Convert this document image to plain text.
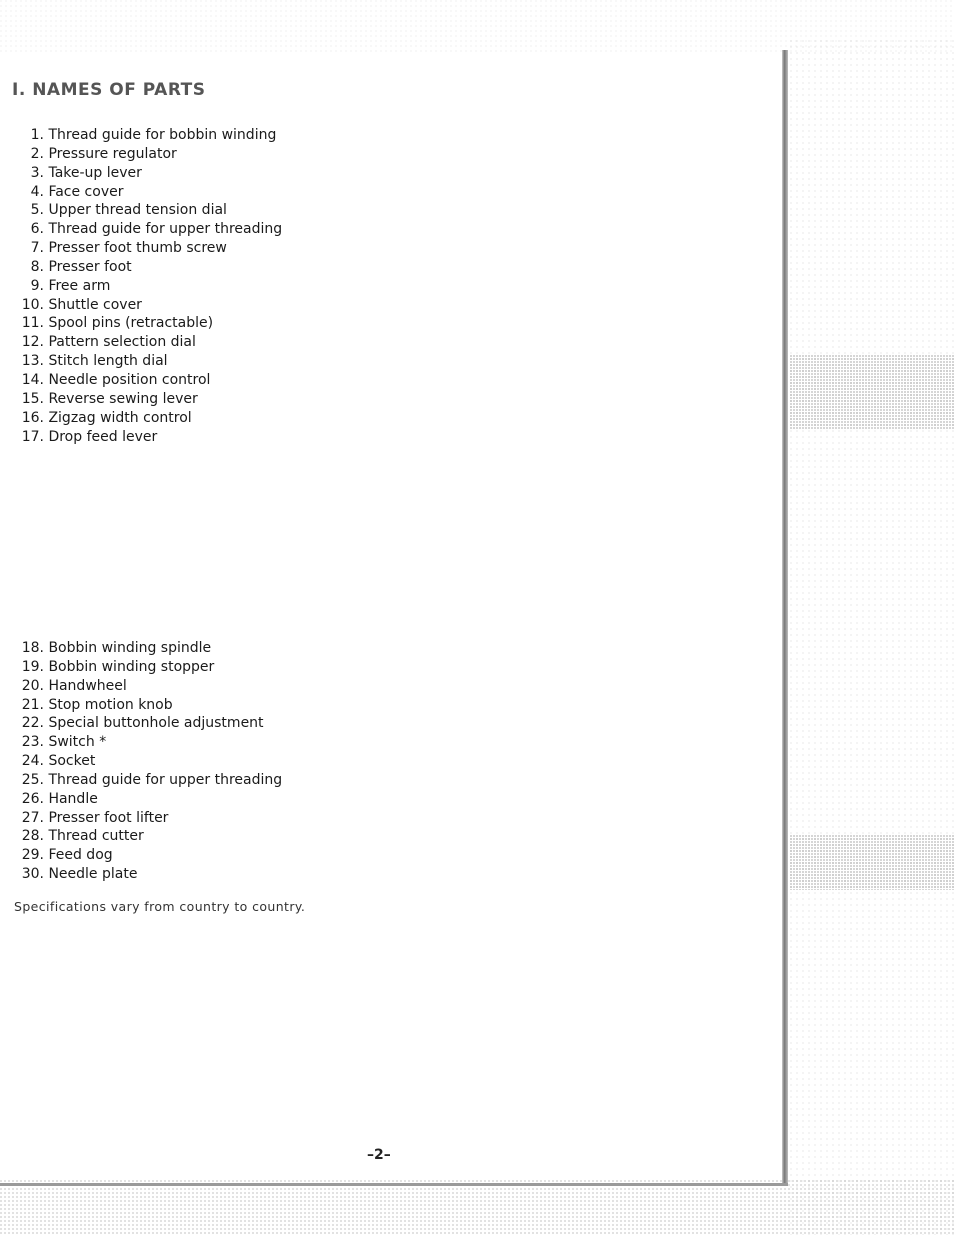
I. NAMES OF PARTS
1.
Thread guide for bobbin winding
2.
Pressure regulator
3.
Take-up lever
4.
Face cover
5.
Upper thread tension dial
6.
Thread guide for upper threading
7.
Presser foot thumb screw
8.
Presser foot
9.
Free arm
10.
Shuttle cover
11.
Spool pins (retractable)
12.
Pattern selection dial
13.
Stitch length dial
14.
Needle position control
15.
Reverse sewing lever
16.
Zigzag width control
17.
Drop feed lever
18.
Bobbin winding spindle
19.
Bobbin winding stopper
20.
Handwheel
21.
Stop motion knob
22.
Special buttonhole adjustment
23.
Switch *
24.
Socket
25.
Thread guide for upper threading
26.
Handle
27.
Presser foot lifter
28.
Thread cutter
29.
Feed dog
30.
Needle plate

Specifications vary from country to country.

–2–
